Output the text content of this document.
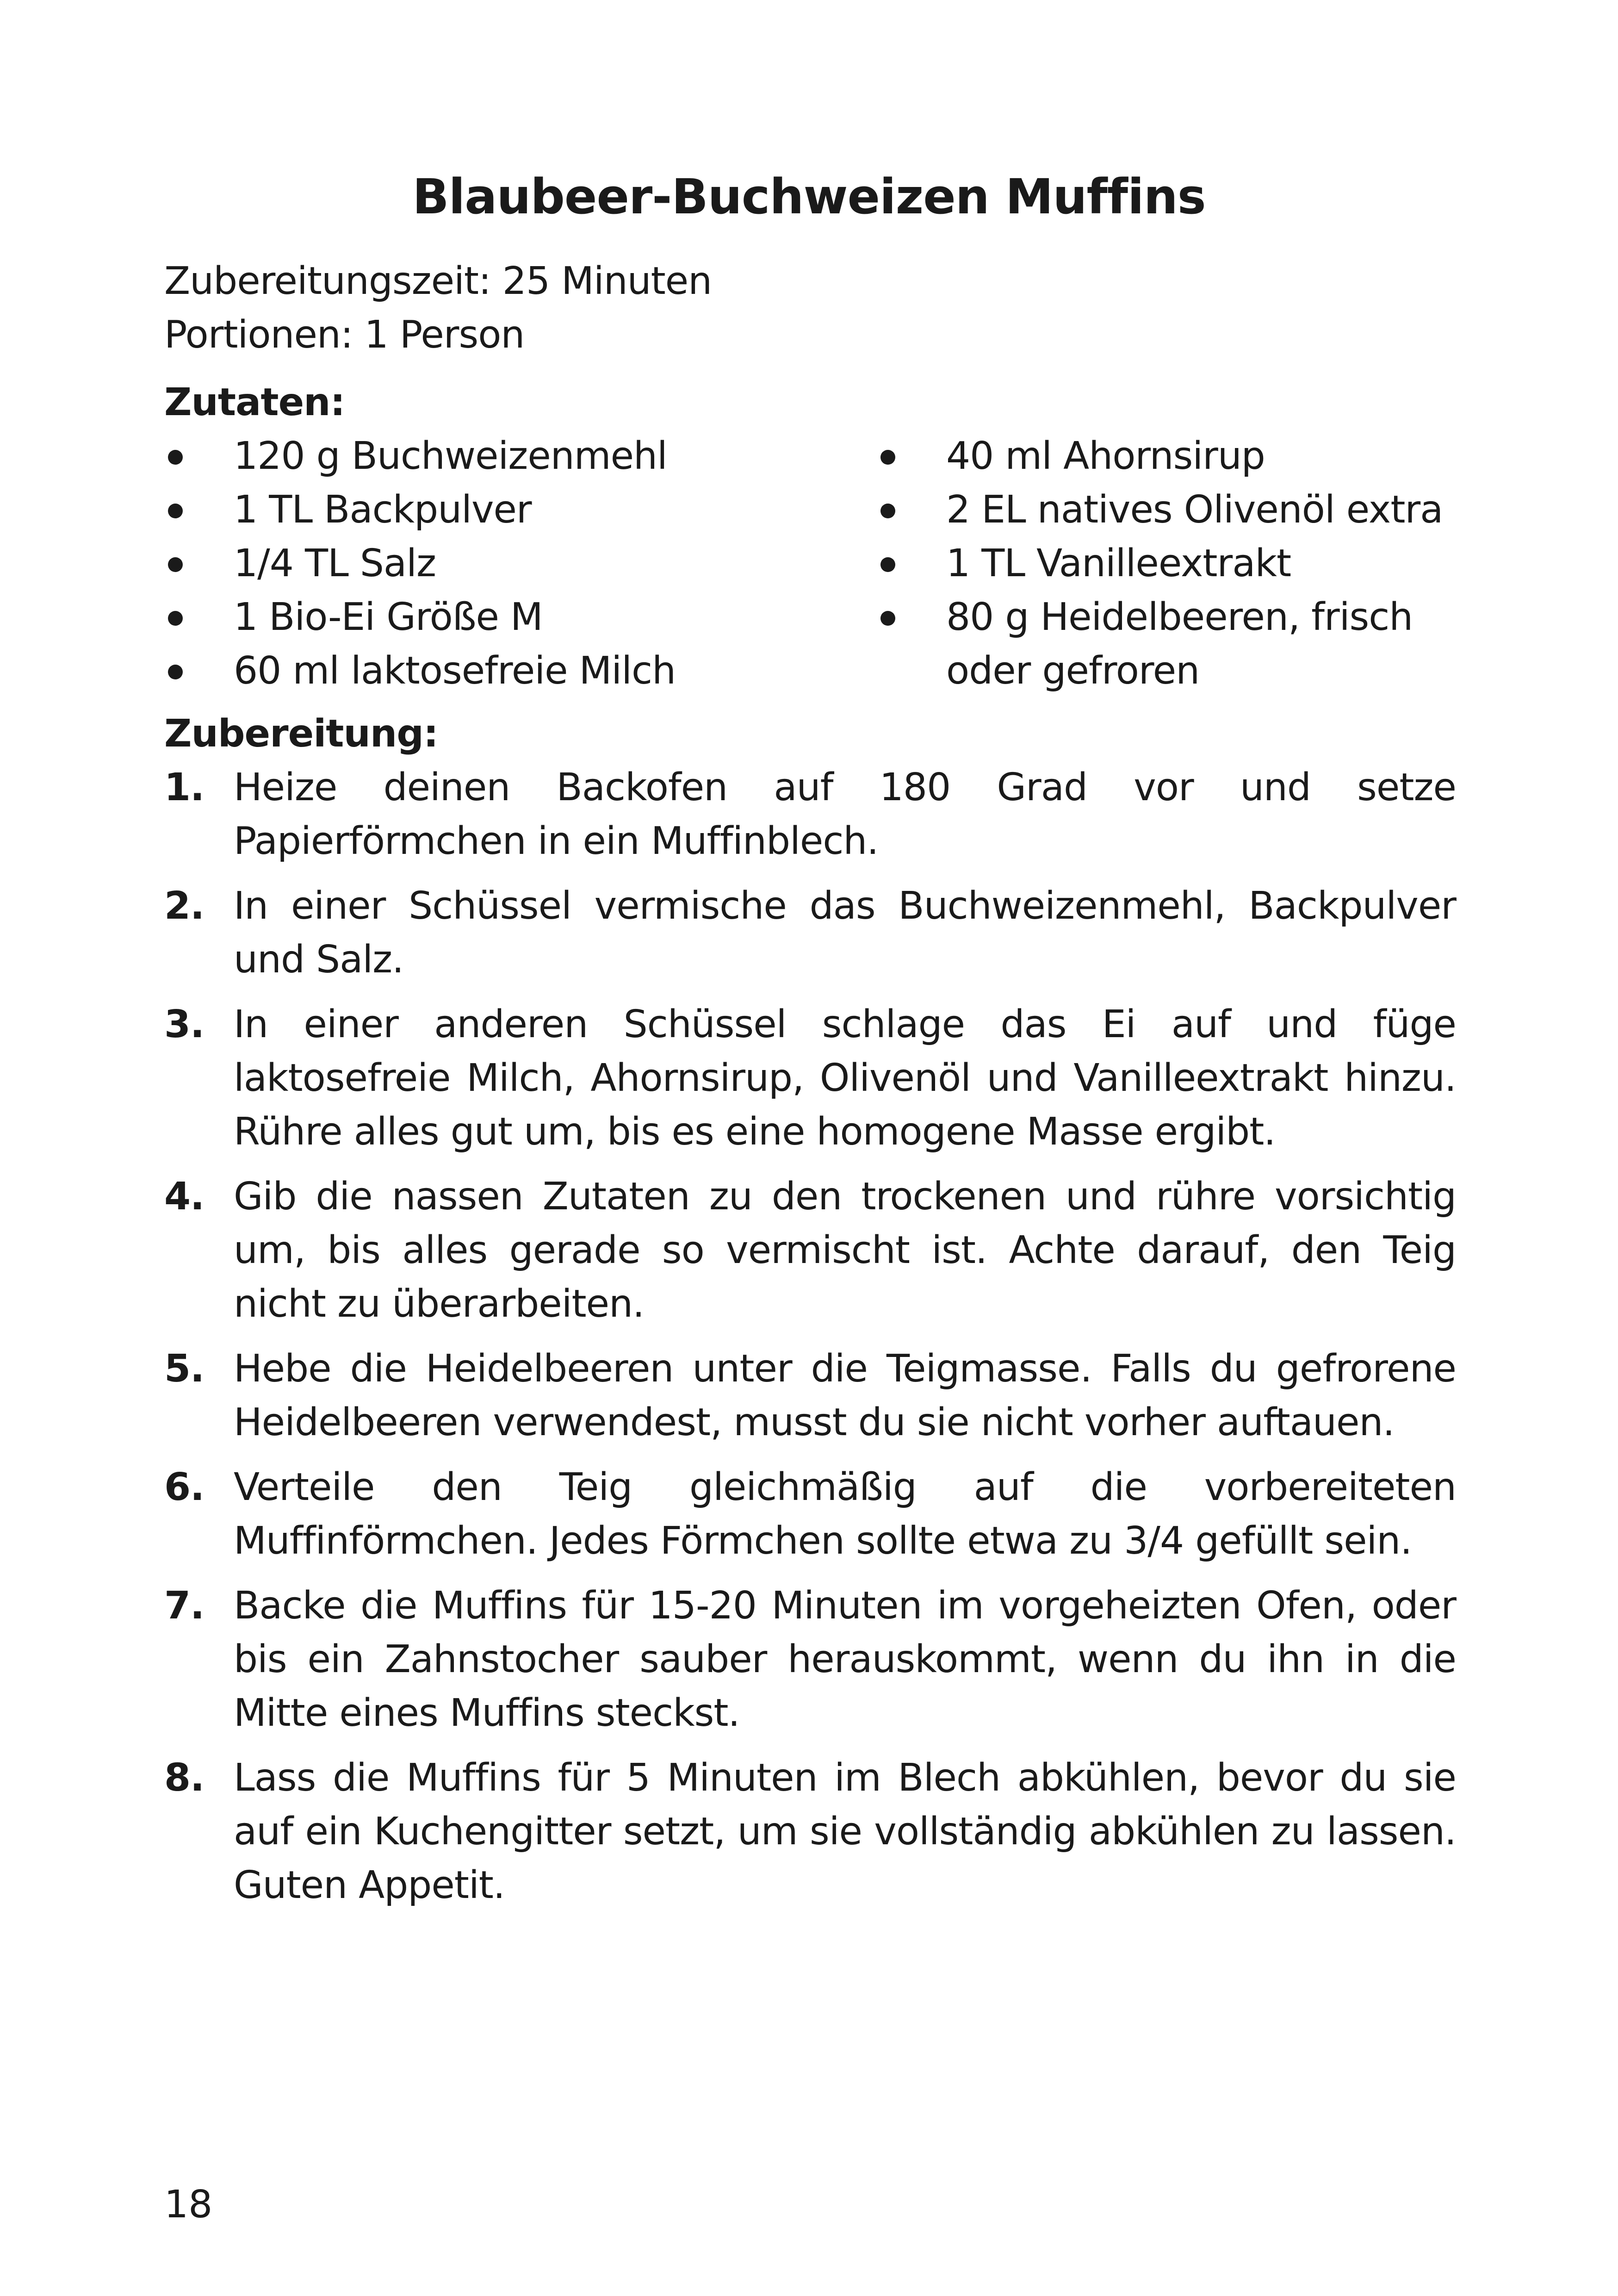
Blaubeer-Buchweizen Muffins
Zubereitungszeit: 25 Minuten
Portionen: 1 Person
Zutaten:
120 g Buchweizenmehl
1 TL Backpulver
1/4 TL Salz
1 Bio-Ei Größe M
60 ml laktosefreie Milch
40 ml Ahornsirup
2 EL natives Olivenöl extra
1 TL Vanilleextrakt
80 g Heidelbeeren, frisch oder gefroren
Zubereitung:
1. Heize deinen Backofen auf 180 Grad vor und setze Papierförmchen in ein Muffinblech.
2. In einer Schüssel vermische das Buchweizenmehl, Backpulver und Salz.
3. In einer anderen Schüssel schlage das Ei auf und füge laktosefreie Milch, Ahornsirup, Olivenöl und Vanilleextrakt hinzu. Rühre alles gut um, bis es eine homogene Masse ergibt.
4. Gib die nassen Zutaten zu den trockenen und rühre vorsichtig um, bis alles gerade so vermischt ist. Achte darauf, den Teig nicht zu überarbeiten.
5. Hebe die Heidelbeeren unter die Teigmasse. Falls du gefrorene Heidelbeeren verwendest, musst du sie nicht vorher auftauen.
6. Verteile den Teig gleichmäßig auf die vorbereiteten Muffinförmchen. Jedes Förmchen sollte etwa zu 3/4 gefüllt sein.
7. Backe die Muffins für 15-20 Minuten im vorgeheizten Ofen, oder bis ein Zahnstocher sauber herauskommt, wenn du ihn in die Mitte eines Muffins steckst.
8. Lass die Muffins für 5 Minuten im Blech abkühlen, bevor du sie auf ein Kuchengitter setzt, um sie vollständig abkühlen zu lassen. Guten Appetit.
18
